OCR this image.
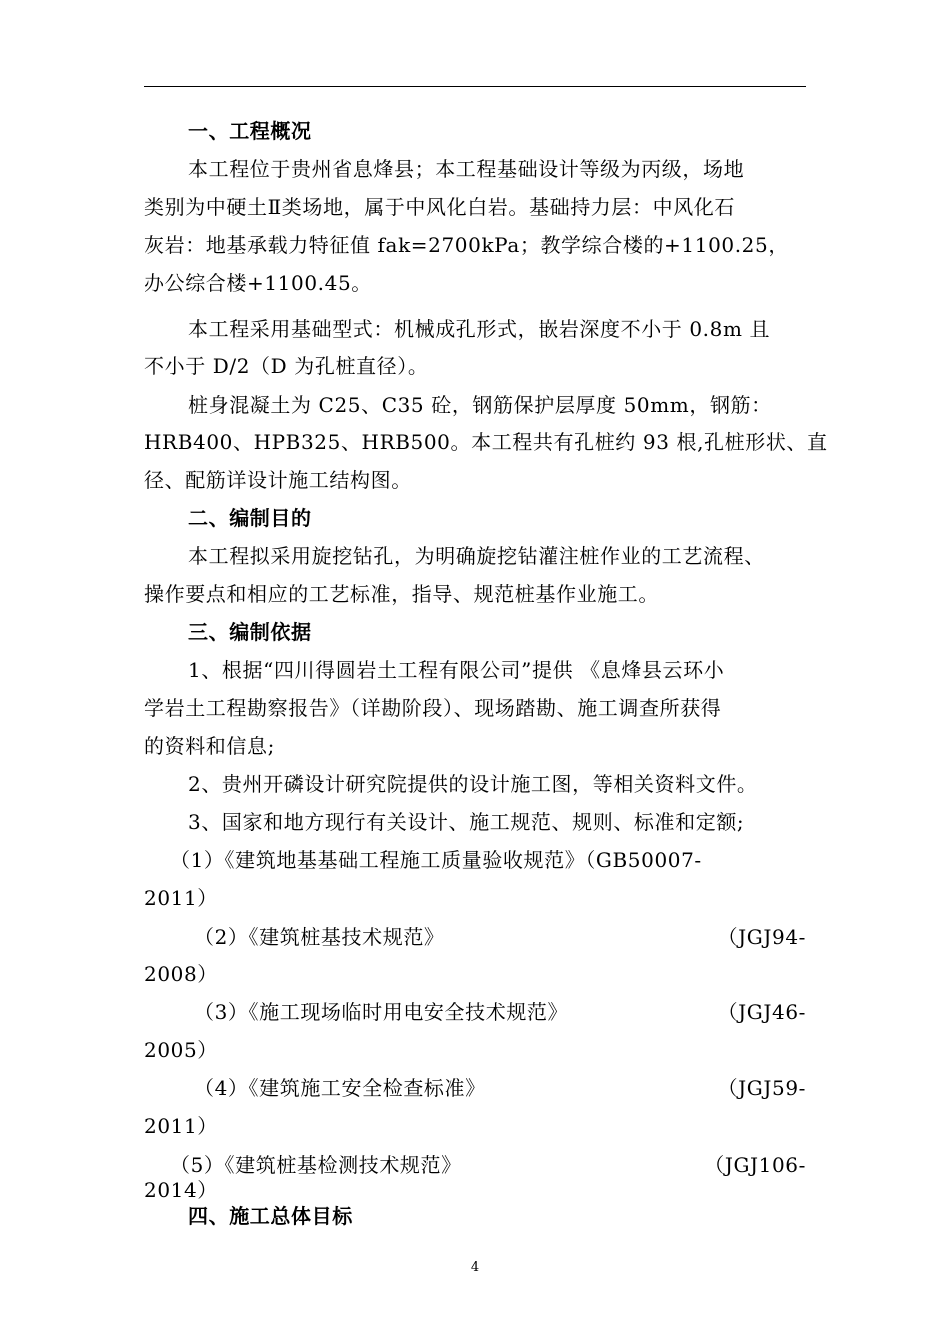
一、工程概况
本工程位于贵州省息烽县；本工程基础设计等级为丙级，场地
类别为中硬土Ⅱ类场地，属于中风化白岩。基础持力层：中风化石
灰岩：地基承载力特征值 fak=2700kPa；教学综合楼的+1100.25，
办公综合楼+1100.45。
本工程采用基础型式：机械成孔形式，嵌岩深度不小于 0.8m 且
不小于 D/2（D 为孔桩直径）。
桩身混凝土为 C25、C35 砼，钢筋保护层厚度 50mm，钢筋：
HRB400、HPB325、HRB500。本工程共有孔桩约 93 根,孔桩形状、直
径、配筋详设计施工结构图。
二、编制目的
本工程拟采用旋挖钻孔，为明确旋挖钻灌注桩作业的工艺流程、
操作要点和相应的工艺标准，指导、规范桩基作业施工。
三、编制依据
1、根据“四川得圆岩土工程有限公司”提供 《息烽县云环小
学岩土工程勘察报告》（详勘阶段）、现场踏勘、施工调查所获得
的资料和信息;
2、贵州开磷设计研究院提供的设计施工图，等相关资料文件。
3、国家和地方现行有关设计、施工规范、规则、标准和定额;
（1）《建筑地基基础工程施工质量验收规范》（GB50007-
2011）
（2）《建筑桩基技术规范》	（JGJ94-
2008）
（3）《施工现场临时用电安全技术规范》	（JGJ46-
2005）
（4）《建筑施工安全检查标准》	（JGJ59-
2011）
（5）《建筑桩基检测技术规范》	（JGJ106-
2014）
四、施工总体目标
4
